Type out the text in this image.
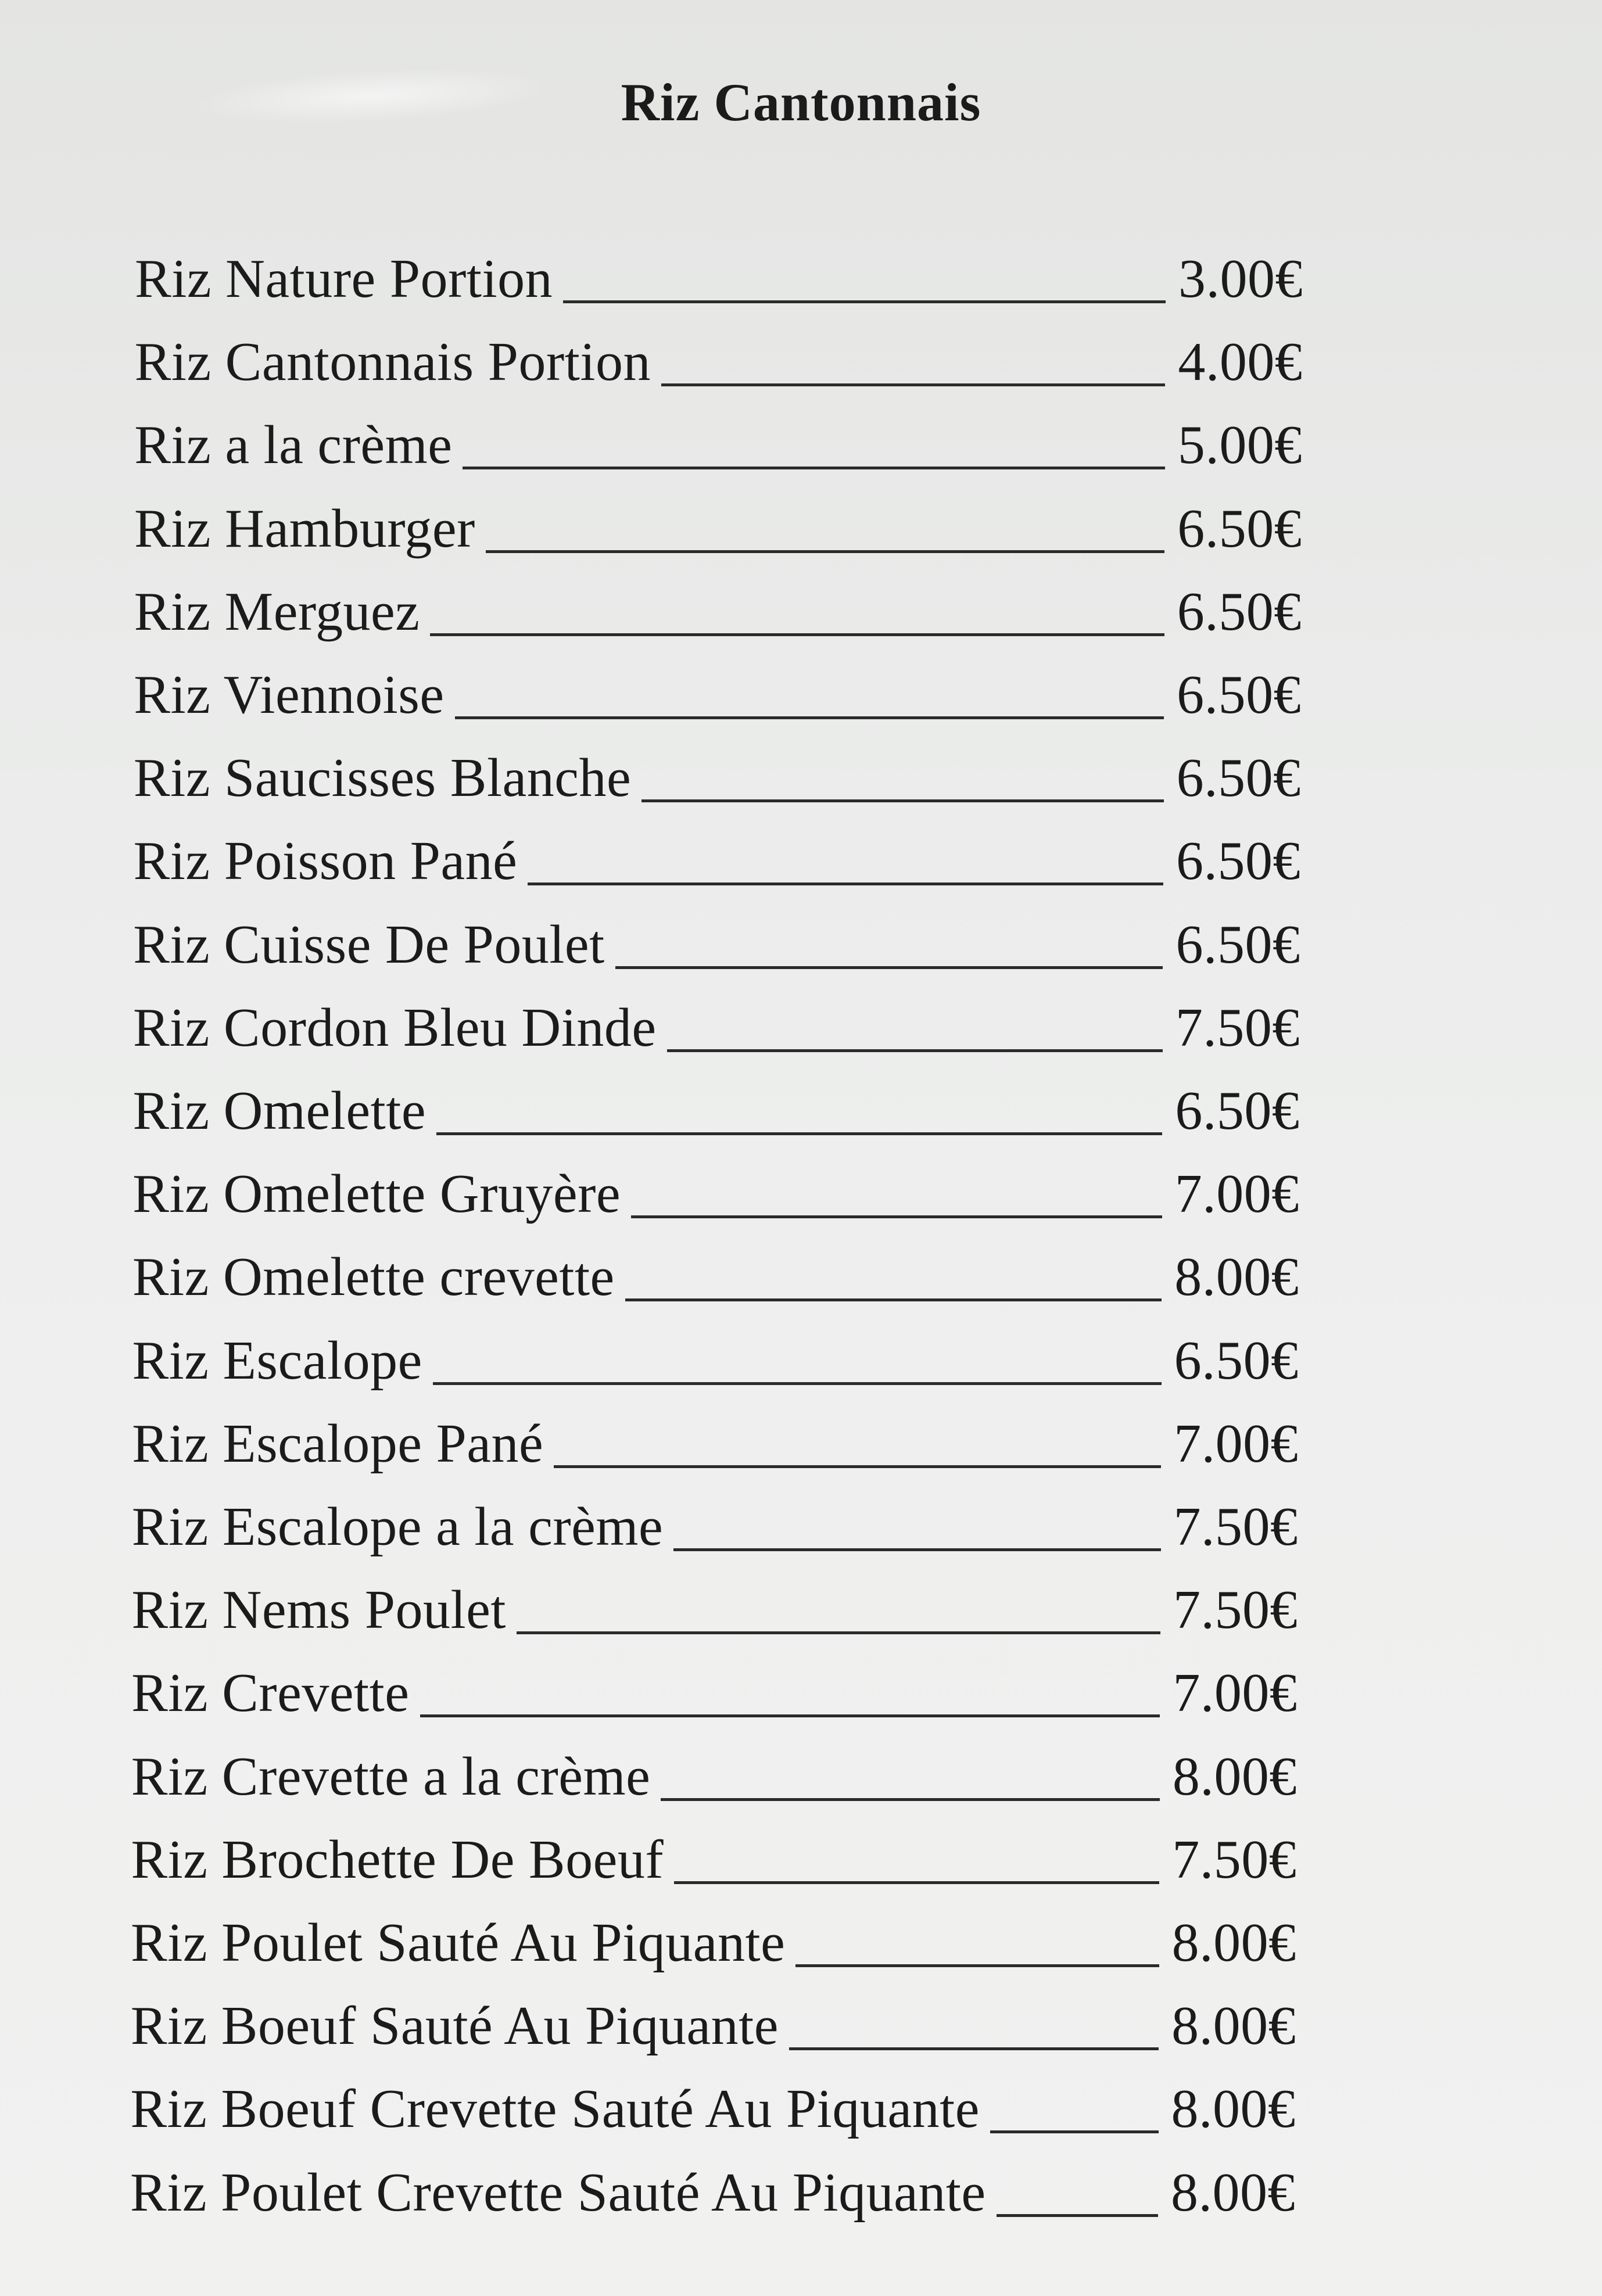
Riz Cantonnais
Riz Nature Portion	3.00€
Riz Cantonnais Portion	4.00€
Riz a la crème	5.00€
Riz Hamburger	6.50€
Riz Merguez	6.50€
Riz Viennoise	6.50€
Riz Saucisses Blanche	6.50€
Riz Poisson Pané	6.50€
Riz Cuisse De Poulet	6.50€
Riz Cordon Bleu Dinde	7.50€
Riz Omelette	6.50€
Riz Omelette Gruyère	7.00€
Riz Omelette crevette	8.00€
Riz Escalope	6.50€
Riz Escalope Pané	7.00€
Riz Escalope a la crème	7.50€
Riz Nems Poulet	7.50€
Riz Crevette	7.00€
Riz Crevette a la crème	8.00€
Riz Brochette De Boeuf	7.50€
Riz Poulet Sauté Au Piquante	8.00€
Riz Boeuf Sauté Au Piquante	8.00€
Riz Boeuf Crevette Sauté Au Piquante	8.00€
Riz Poulet Crevette Sauté Au Piquante	8.00€
